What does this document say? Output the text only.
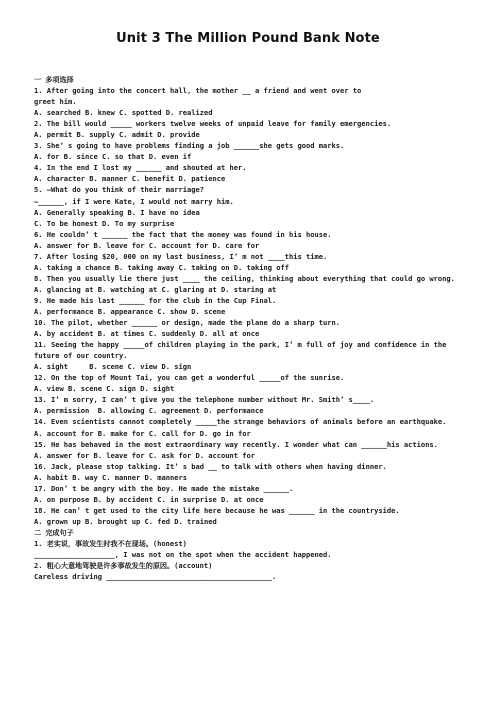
Unit 3 The Million Pound Bank Note
一 多项选择
1. After going into the concert hall, the mother __ a friend and went over to
greet him.
A. searched B. knew C. spotted D. realized
2. The bill would _____ workers twelve weeks of unpaid leave for family emergencies.
A. permit B. supply C. admit D. provide
3. She’ s going to have problems finding a job ______she gets good marks.
A. for B. since C. so that D. even if
4. In the end I lost my ______ and shouted at her.
A. character B. manner C. benefit D. patience
5. —What do you think of their marriage?
—______, if I were Kate, I would not marry him.
A. Generally speaking B. I have no idea
C. To be honest D. To my surprise
6. He couldn’ t ______ the fact that the money was found in his house.
A. answer for B. leave for C. account for D. care for
7. After losing $20, 000 on my last business, I’ m not ____this time.
A. taking a chance B. taking away C. taking on D. taking off
8. Then you usually lie there just ____ the ceiling, thinking about everything that could go wrong.
A. glancing at B. watching at C. glaring at D. staring at
9. He made his last ______ for the club in the Cup Final.
A. performance B. appearance C. show D. scene
10. The pilot, whether ______ or design, made the plane do a sharp turn.
A. by accident B. at times C. suddenly D. all at once
11. Seeing the happy _____of children playing in the park, I’ m full of joy and confidence in the
future of our country.
A. sight     B. scene C. view D. sign
12. On the top of Mount Tai, you can get a wonderful _____of the sunrise.
A. view B. scene C. sign D. sight
13. I’ m sorry, I can’ t give you the telephone number without Mr. Smith’ s____.
A. permission  B. allowing C. agreement D. performance
14. Even scientists cannot completely _____the strange behaviors of animals before an earthquake.
A. account for B. make for C. call for D. go in for
15. He has behaved in the most extraordinary way recently. I wonder what can ______his actions.
A. answer for B. leave for C. ask for D. account for
16. Jack, please stop talking. It’ s bad __ to talk with others when having dinner.
A. habit B. way C. manner D. manners
17. Don’ t be angry with the boy. He made the mistake ______.
A. on purpose B. by accident C. in surprise D. at once
18. He can’ t get used to the city life here because he was ______ in the countryside.
A. grown up B. brought up C. fed D. trained
二 完成句子
1. 老实说，事故发生时我不在现场。(honest)
___________________, I was not on the spot when the accident happened.
2. 粗心大意地驾驶是许多事故发生的原因。(account)
Careless driving _______________________________________.
